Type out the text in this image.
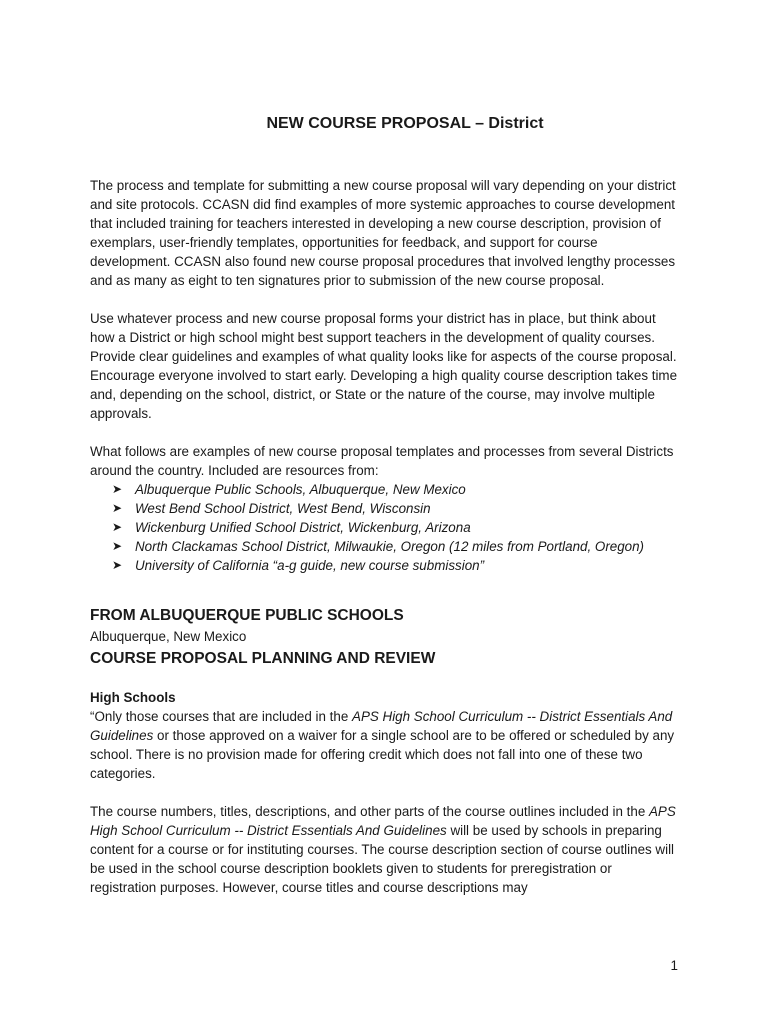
NEW COURSE PROPOSAL – District

The process and template for submitting a new course proposal will vary depending on your district and site protocols. CCASN did find examples of more systemic approaches to course development that included training for teachers interested in developing a new course description, provision of exemplars, user-friendly templates, opportunities for feedback, and support for course development. CCASN also found new course proposal procedures that involved lengthy processes and as many as eight to ten signatures prior to submission of the new course proposal.

Use whatever process and new course proposal forms your district has in place, but think about how a District or high school might best support teachers in the development of quality courses. Provide clear guidelines and examples of what quality looks like for aspects of the course proposal. Encourage everyone involved to start early. Developing a high quality course description takes time and, depending on the school, district, or State or the nature of the course, may involve multiple approvals.

What follows are examples of new course proposal templates and processes from several Districts around the country. Included are resources from:

➤ Albuquerque Public Schools, Albuquerque, New Mexico
➤ West Bend School District, West Bend, Wisconsin
➤ Wickenburg Unified School District, Wickenburg, Arizona
➤ North Clackamas School District, Milwaukie, Oregon (12 miles from Portland, Oregon)
➤ University of California “a-g guide, new course submission”
FROM ALBUQUERQUE PUBLIC SCHOOLS

Albuquerque, New Mexico

COURSE PROPOSAL PLANNING AND REVIEW
High Schools

“Only those courses that are included in the APS High School Curriculum -- District Essentials And Guidelines or those approved on a waiver for a single school are to be offered or scheduled by any school. There is no provision made for offering credit which does not fall into one of these two categories.

The course numbers, titles, descriptions, and other parts of the course outlines included in the APS High School Curriculum -- District Essentials And Guidelines will be used by schools in preparing content for a course or for instituting courses. The course description section of course outlines will be used in the school course description booklets given to students for preregistration or registration purposes. However, course titles and course descriptions may

1
